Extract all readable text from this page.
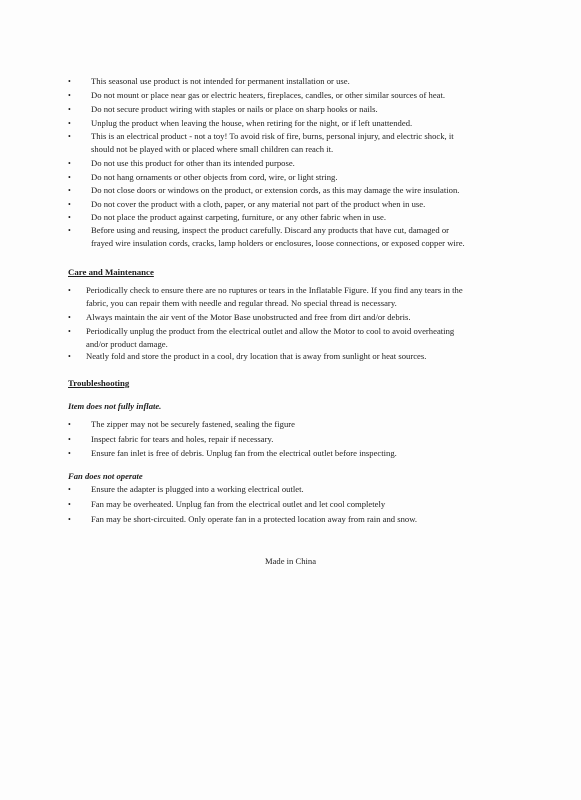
• This seasonal use product is not intended for permanent installation or use.
• Do not mount or place near gas or electric heaters, fireplaces, candles, or other similar sources of heat.
• Do not secure product wiring with staples or nails or place on sharp hooks or nails.
• Unplug the product when leaving the house, when retiring for the night, or if left unattended.
• This is an electrical product - not a toy! To avoid risk of fire, burns, personal injury, and electric shock, it
should not be played with or placed where small children can reach it.
• Do not use this product for other than its intended purpose.
• Do not hang ornaments or other objects from cord, wire, or light string.
• Do not close doors or windows on the product, or extension cords, as this may damage the wire insulation.
• Do not cover the product with a cloth, paper, or any material not part of the product when in use.
• Do not place the product against carpeting, furniture, or any other fabric when in use.
• Before using and reusing, inspect the product carefully. Discard any products that have cut, damaged or
frayed wire insulation cords, cracks, lamp holders or enclosures, loose connections, or exposed copper wire.
Care and Maintenance
• Periodically check to ensure there are no ruptures or tears in the Inflatable Figure. If you find any tears in the
fabric, you can repair them with needle and regular thread. No special thread is necessary.
• Always maintain the air vent of the Motor Base unobstructed and free from dirt and/or debris.
• Periodically unplug the product from the electrical outlet and allow the Motor to cool to avoid overheating
and/or product damage.
• Neatly fold and store the product in a cool, dry location that is away from sunlight or heat sources.
Troubleshooting
Item does not fully inflate.
• The zipper may not be securely fastened, sealing the figure
• Inspect fabric for tears and holes, repair if necessary.
• Ensure fan inlet is free of debris. Unplug fan from the electrical outlet before inspecting.
Fan does not operate
• Ensure the adapter is plugged into a working electrical outlet.
• Fan may be overheated. Unplug fan from the electrical outlet and let cool completely
• Fan may be short-circuited. Only operate fan in a protected location away from rain and snow.
Made in China
